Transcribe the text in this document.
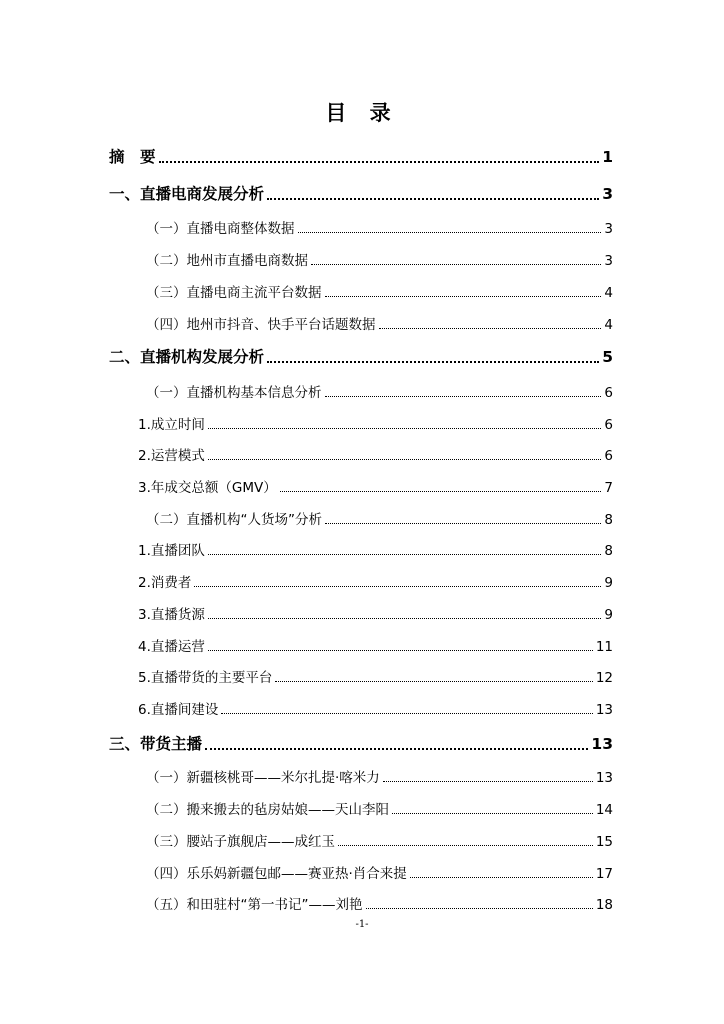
目 录
摘　要	1
一、直播电商发展分析	3
（一）直播电商整体数据	3
（二）地州市直播电商数据	3
（三）直播电商主流平台数据	4
（四）地州市抖音、快手平台话题数据	4
二、直播机构发展分析	5
（一）直播机构基本信息分析	6
1.成立时间	6
2.运营模式	6
3.年成交总额（GMV）	7
（二）直播机构“人货场”分析	8
1.直播团队	8
2.消费者	9
3.直播货源	9
4.直播运营	11
5.直播带货的主要平台	12
6.直播间建设	13
三、带货主播	13
（一）新疆核桃哥——米尔扎提·喀米力	13
（二）搬来搬去的毡房姑娘——天山李阳	14
（三）腰站子旗舰店——成红玉	15
（四）乐乐妈新疆包邮——赛亚热·肖合来提	17
（五）和田驻村“第一书记”——刘艳	18
-1-
